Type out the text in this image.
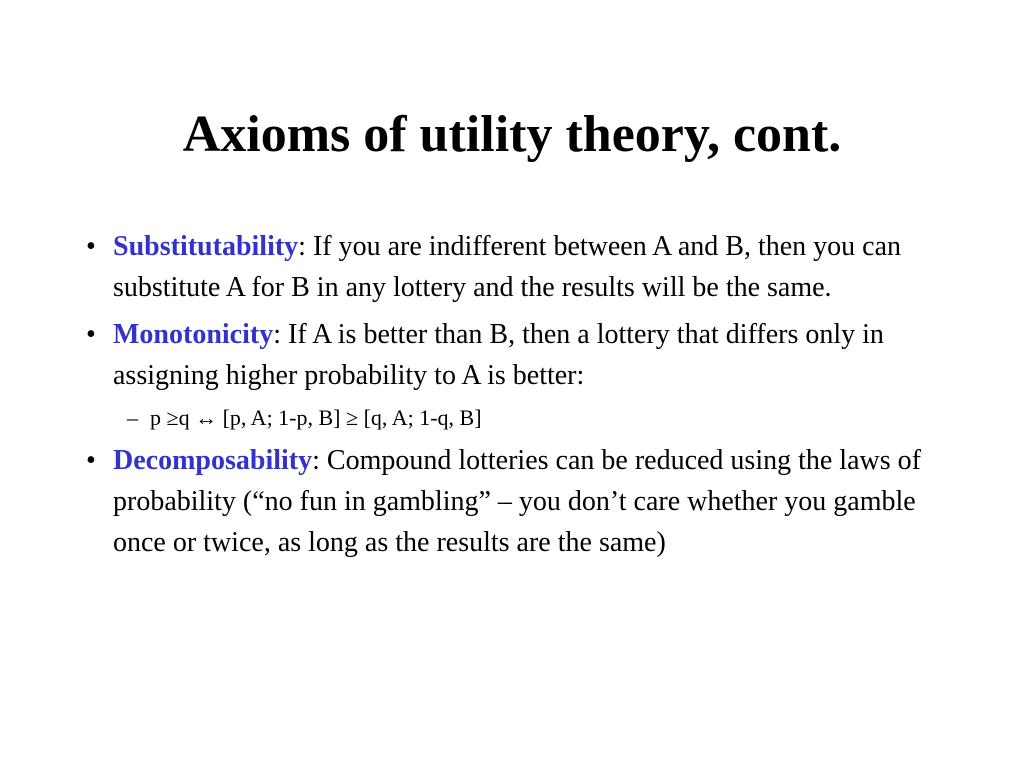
Axioms of utility theory, cont.
• Substitutability: If you are indifferent between A and B, then you can substitute A for B in any lottery and the results will be the same.
• Monotonicity: If A is better than B, then a lottery that differs only in assigning higher probability to A is better:
– p ≥q ↔ [p, A; 1-p, B] ≥ [q, A; 1-q, B]
• Decomposability: Compound lotteries can be reduced using the laws of probability (“no fun in gambling” – you don’t care whether you gamble once or twice, as long as the results are the same)
